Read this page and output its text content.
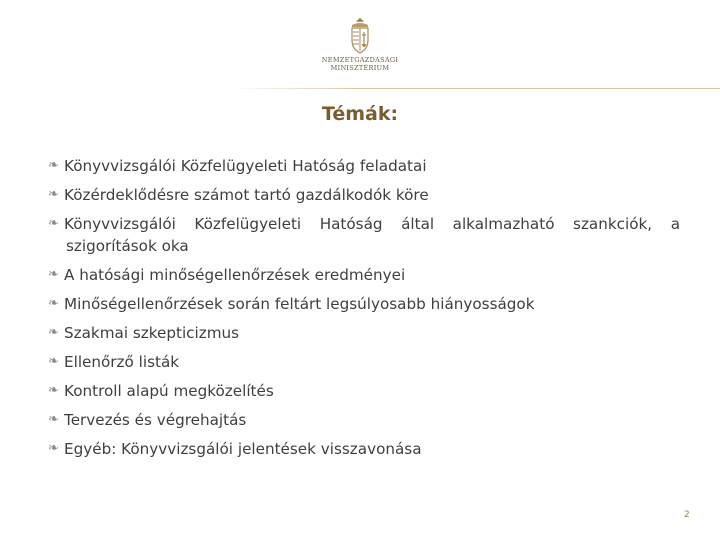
NEMZETGAZDASÁGI
MINISZTÉRIUM
Témák:
❧ Könyvvizsgálói Közfelügyeleti Hatóság feladatai
❧ Közérdeklődésre számot tartó gazdálkodók köre
❧ Könyvvizsgálói Közfelügyeleti Hatóság által alkalmazható szankciók, a
szigorítások oka
❧ A hatósági minőségellenőrzések eredményei
❧ Minőségellenőrzések során feltárt legsúlyosabb hiányosságok
❧ Szakmai szkepticizmus
❧ Ellenőrző listák
❧ Kontroll alapú megközelítés
❧ Tervezés és végrehajtás
❧ Egyéb: Könyvvizsgálói jelentések visszavonása
2
